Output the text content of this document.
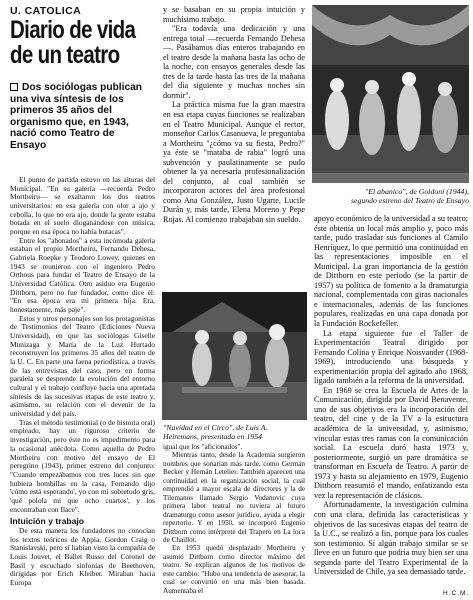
U. CATOLICA
Diario de vida
de un teatro
Dos sociólogas publican una viva síntesis de los primeros 35 años del organismo que, en 1943, nació como Teatro de Ensayo

El punto de partida estuvo en las alturas del Municipal. "En su galería —recuerda Pedro Mortheiru— se exaltaron los dos teatros universitarios: en esa galería con olor a ajo y cebolla, lo que no era ajo, donde la gente estaba botada en el suelo dioganándose con música, porque en esa época no había butacas".

Entre los "abonados" a esta incómoda galería estaban el propio Mortheiru, Fernando Debesa, Gabriela Roepke y Teodoro Lowey, quienes en 1943 se reunieron con el ingeniero Pedro Orthous para fundar el Teatro de Ensayo de la Universidad Católica. Otro asiduo era Eugenio Dittborn, pero no fue fundador, como dice él: "En esa época era mi primera hija. Era, honestamente, más paje".

Estos y otros personajes son los protagonistas de Testimonios del Teatro (Ediciones Nueva Universidad), en que las sociólogas Giselle Munizaga y María de la Luz Hurtado reconstruyen los primeros 35 años del teatro de la U. C. En parte una faena periodística, a través de las entrevistas del caso, pero en forma paralela se desprende la evolución del entorno cultural y el trabajo confluye hacia una apretada síntesis de las sucesivas etapas de este teatro y, asimismo, su relación con el devenir de la universidad y del país.

Tras el método testimonial (o de historia oral) empleado, hay un riguroso criterio de investigación, pero éste no es impedimento para la ocasional anécdota. Como aquella de Pedro Mortheiru con motivo del ensayo de El peregrino (1943), primer estreno del conjunto: "Cuando empezábamos con tres luces sin que hubiera bombillas en la casa, Fernando dijo 'cómo está esperando', yo con mi sobretodo gris, 'qué polola mi que ocho cuartos', y los encontraban con Ilace".

Intuición y trabajo

De esta manera los fundadores no conocían los textos teóricos de Appia, Gordon Craig o Stanislavski, pero sí habían visto la compañía de Louis Jouvet, el Ballet Russo del Coronel de Basil y escuchado sinfonías de Beethoven, dirigidas por Erich Kleiber. Miraban hacia Europa

y se basaban en su propia intuición y muchísimo trabajo.

"Era todavía una dedicación y una entrega total —recuerda Fernando Debesa—. Pasábamos días enteros trabajando en el teatro desde la mañana hasta las ocho de la noche, con ensayos generales desde las tres de la tarde hasta las tres de la mañana del día siguiente y muchas noches sin dormir".

La práctica misma fue la gran maestra en esa etapa cuyas funciones se realizaban en el Teatro Municipal. Aunque el rector, monseñor Carlos Casanueva, le preguntaba a Mortheiru "¿cómo va su fiesta, Pedro?" ya éste se "mataba de rabia" logró una subvención y paulatinamente se pudo obtener la ya necesaria profesionalización del conjunto, al cual también se incorporaron actores del área profesional como Ana González, Justo Ugarte, Lucile Durán y, más tarde, Elena Moreno y Pepe Rojas. Al comienzo trabajaban sin sueldo.

"Navidad en el Circo", de Luis A. Heiremans, presentada en 1954

igual que los "aficionados".

Mientras tanto, desde la Academia surgieron nombres que sonarían más tarde, como Germán Becker y Hernán Letelier. También aparecen una continuidad en la organización social, la cual emprendió a mayor escala de directores y la de Tilemanos llamado Sergio Vodanovic cuya primera labor teatral no tuviera al futuro dramaturgo como asesor jurídico, ayuda a elegir repertorio. Y en 1950, se incorporó Eugenio Dittborn como intérprete del Trapero en La loca de Chaillot.

En 1953 quedó desplazado Mortheiru y asumió Dittborn como director máximo del teatro. Se explican algunos de los motivos de este cambio: "Hubo una tendencia de asesorar, la cual se convirtió en una más bien basada. Aumentaba el

"El abanico", de Goldoni (1944), segundo estreno del Teatro de Ensayo

apoyo económico de la universidad a su teatro; éste obtenía un local más amplio y, poco más tarde, pudo trasladar sus funciones al Camilo Henríquez, lo que permitió una continuidad en las representaciones imposible en el Municipal. La gran importancia de la gestión de Dittborn en este periodo (se la partir de 1957) su política de fomento a la dramaturgia nacional, complementada con giras nacionales e internacionales, además de las funciones populares, realizadas en una capa donada por la Fundación Rockefeller.

La etapa siguiente fue el Taller de Experimentación Teatral dirigido por Fernando Colina y Enrique Noisvander (1968-1969), introduciendo una búsqueda y experimentación propia del agitado año 1968, ligado también a la reforma de la universidad.

En 1969 se crea la Escuela de Artes de la Comunicación, dirigida por David Benavente, uno de sus objetivos era la incorporación del teatro, del cine y de la TV a la estructura académica de la universidad, y, asimismo, vincular estas tres ramas con la comunicación social. La escuela duró hasta 1973 y, posteriormente, surgió un pare dramática se transforman en Escuela de Teatro. A partir de 1973 y hasta su alejamiento en 1979, Eugenio Dittborn reasumió el mando, enfatizando esta vez la representación de clásicos.

Afortunadamente, la investigación culmina con una clara, definida las características y objetivos de las sucesivas etapas del teatro de la U.C., se realizó a fin, porque para los cuales son testimonio. Sí algún trabajo similar se se lleve en un futuro que podría muy bien ser una segunda parte del Teatro Experimental de la Universidad de Chile, ya sea demasiado tarde.

H.C.M.
